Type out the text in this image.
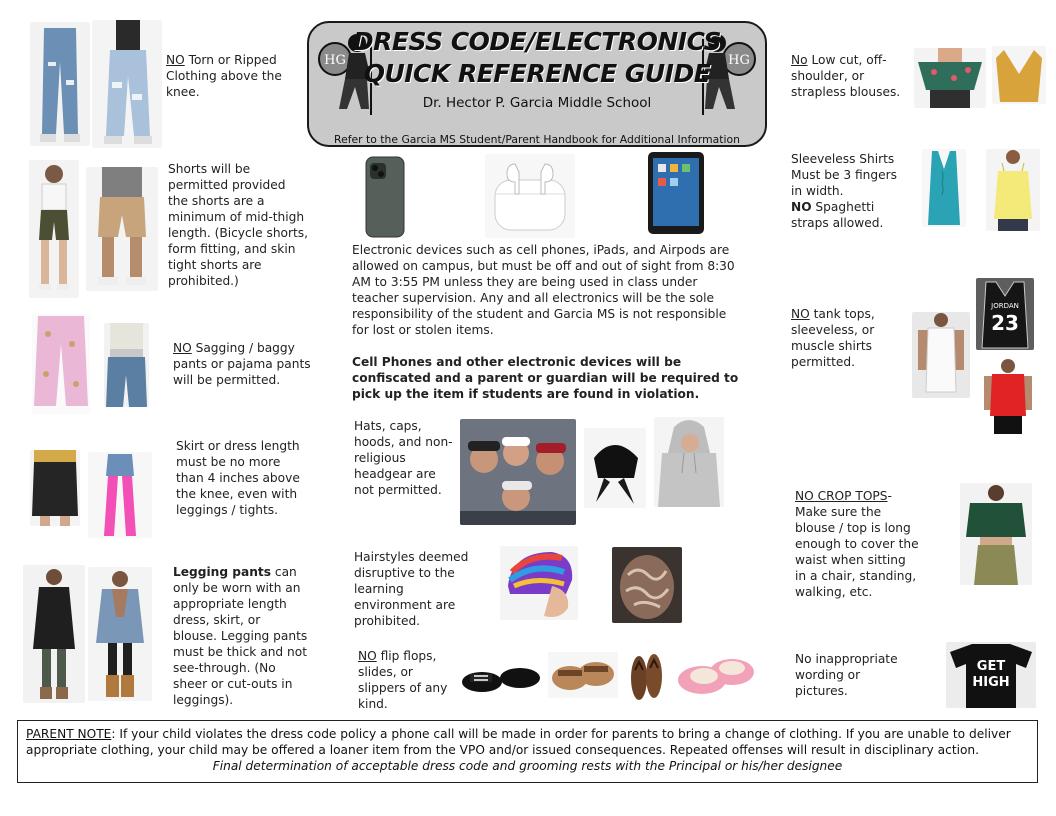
HG	HG
DRESS CODE/ELECTRONICS
QUICK REFERENCE GUIDE
Dr. Hector P. Garcia Middle School
Refer to the Garcia MS Student/Parent Handbook for Additional Information
NO Torn or Ripped Clothing above the knee.
Shorts will be permitted provided the shorts are a minimum of mid-thigh length. (Bicycle shorts, form fitting, and skin tight shorts are prohibited.)
NO Sagging / baggy pants or pajama pants will be permitted.
Skirt or dress length must be no more than 4 inches above the knee, even with leggings / tights.
Legging pants can only be worn with an appropriate length dress, skirt, or blouse. Legging pants must be thick and not see-through. (No sheer or cut-outs in leggings).
Electronic devices such as cell phones, iPads, and Airpods are allowed on campus, but must be off and out of sight from 8:30 AM to 3:55 PM unless they are being used in class under teacher supervision. Any and all electronics will be the sole responsibility of the student and Garcia MS is not responsible for lost or stolen items.
Cell Phones and other electronic devices will be confiscated and a parent or guardian will be required to pick up the item if students are found in violation.
Hats, caps, hoods, and non-religious headgear are not permitted.
Hairstyles deemed disruptive to the learning environment are prohibited.
NO flip flops, slides, or slippers of any kind.
No Low cut, off-shoulder, or strapless blouses.
Sleeveless Shirts Must be 3 fingers in width.
NO Spaghetti straps allowed.
NO tank tops, sleeveless, or muscle shirts permitted.
JORDAN
23
NO CROP TOPS- Make sure the blouse / top is long enough to cover the waist when sitting in a chair, standing, walking, etc.
No inappropriate wording or pictures.
GET
HIGH

PARENT NOTE: If your child violates the dress code policy a phone call will be made in order for parents to bring a change of clothing. If you are unable to deliver appropriate clothing, your child may be offered a loaner item from the VPO and/or issued consequences. Repeated offenses will result in disciplinary action.

Final determination of acceptable dress code and grooming rests with the Principal or his/her designee
